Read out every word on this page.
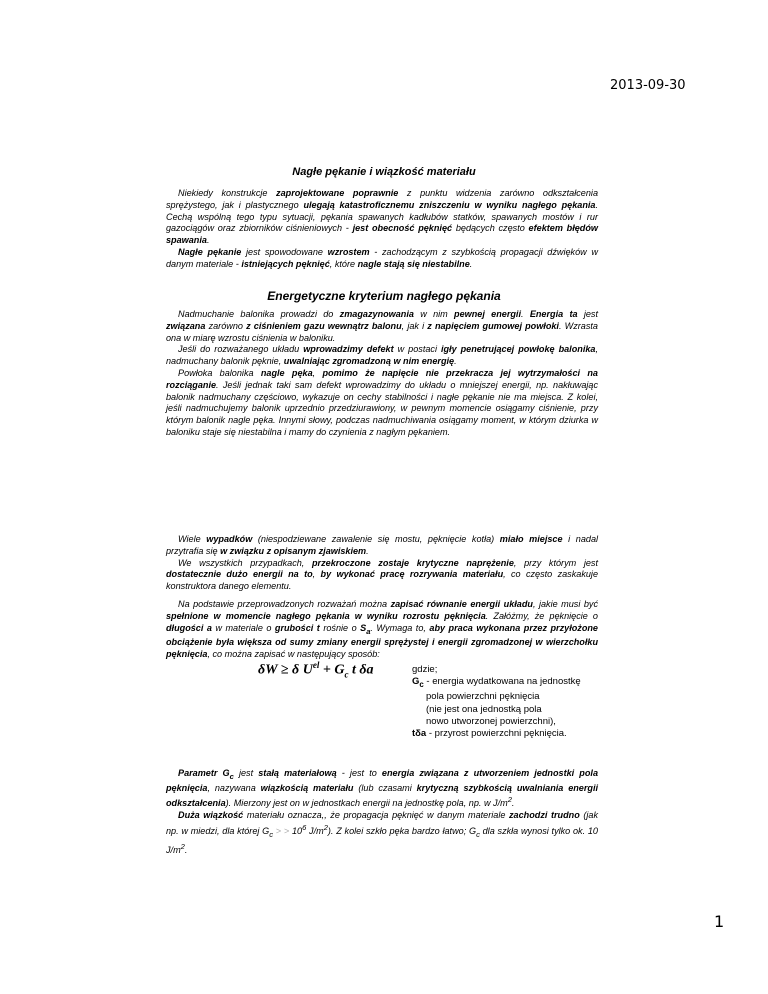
2013-09-30
Nagłe pękanie i wiązkość materiału

Niekiedy konstrukcje zaprojektowane poprawnie z punktu widzenia zarówno odkształcenia sprężystego, jak i plastycznego ulegają katastroficznemu zniszczeniu w wyniku nagłego pękania. Cechą wspólną tego typu sytuacji, pękania spawanych kadłubów statków, spawanych mostów i rur gazociągów oraz zbiorników ciśnieniowych - jest obecność pęknięć będących często efektem błędów spawania.

Nagłe pękanie jest spowodowane wzrostem - zachodzącym z szybkością propagacji dźwięków w danym materiale - istniejących pęknięć, które nagle stają się niestabilne.

Energetyczne kryterium nagłego pękania

Nadmuchanie balonika prowadzi do zmagazynowania w nim pewnej energii. Energia ta jest związana zarówno z ciśnieniem gazu wewnątrz balonu, jak i z napięciem gumowej powłoki. Wzrasta ona w miarę wzrostu ciśnienia w baloniku.

Jeśli do rozważanego układu wprowadzimy defekt w postaci igły penetrującej powłokę balonika, nadmuchany balonik pęknie, uwalniając zgromadzoną w nim energię.

Powłoka balonika nagle pęka, pomimo że napięcie nie przekracza jej wytrzymałości na rozciąganie. Jeśli jednak taki sam defekt wprowadzimy do układu o mniejszej energii, np. nakłuwając balonik nadmuchany częściowo, wykazuje on cechy stabilności i nagłe pękanie nie ma miejsca. Z kolei, jeśli nadmuchujemy balonik uprzednio przedziurawiony, w pewnym momencie osiągamy ciśnienie, przy którym balonik nagle pęka. Innymi słowy, podczas nadmuchiwania osiągamy moment, w którym dziurka w baloniku staje się niestabilna i mamy do czynienia z nagłym pękaniem.

Wiele wypadków (niespodziewane zawalenie się mostu, pęknięcie kotła) miało miejsce i nadal przytrafia się w związku z opisanym zjawiskiem.

We wszystkich przypadkach, przekroczone zostaje krytyczne naprężenie, przy którym jest dostatecznie dużo energii na to, by wykonać pracę rozrywania materiału, co często zaskakuje konstruktora danego elementu.

Na podstawie przeprowadzonych rozważań można zapisać równanie energii układu, jakie musi być spełnione w momencie nagłego pękania w wyniku rozrostu pęknięcia. Załóżmy, że pęknięcie o długości a w materiale o grubości t rośnie o $S_a$. Wymaga to, aby praca wykonana przez przyłożone obciążenie była większa od sumy zmiany energii sprężystej i energii zgromadzonej w wierzchołku pęknięcia, co można zapisać w następujący sposób:

δW ≥ δ $U^{el} + G_c$ t δa	gdzie;
$G_c$ - energia wydatkowana na jednostkę
pola powierzchni pęknięcia
(nie jest ona jednostką pola
nowo utworzonej powierzchni),
tδa - przyrost powierzchni pęknięcia.

Parametr $G_c$ jest stałą materiałową - jest to energia związana z utworzeniem jednostki pola pęknięcia, nazywana wiązkością materiału (lub czasami krytyczną szybkością uwalniania energii odkształcenia). Mierzony jest on w jednostkach energii na jednostkę pola, np. w $J/m^2$.

Duża wiązkość materiału oznacza,, że propagacja pęknięć w danym materiale zachodzi trudno (jak np. w miedzi, dla której $G_c$ > > $10^6$ $J/m^2$). Z kolei szkło pęka bardzo łatwo; $G_c$ dla szkła wynosi tylko ok. 10 $J/m^2$.

1
